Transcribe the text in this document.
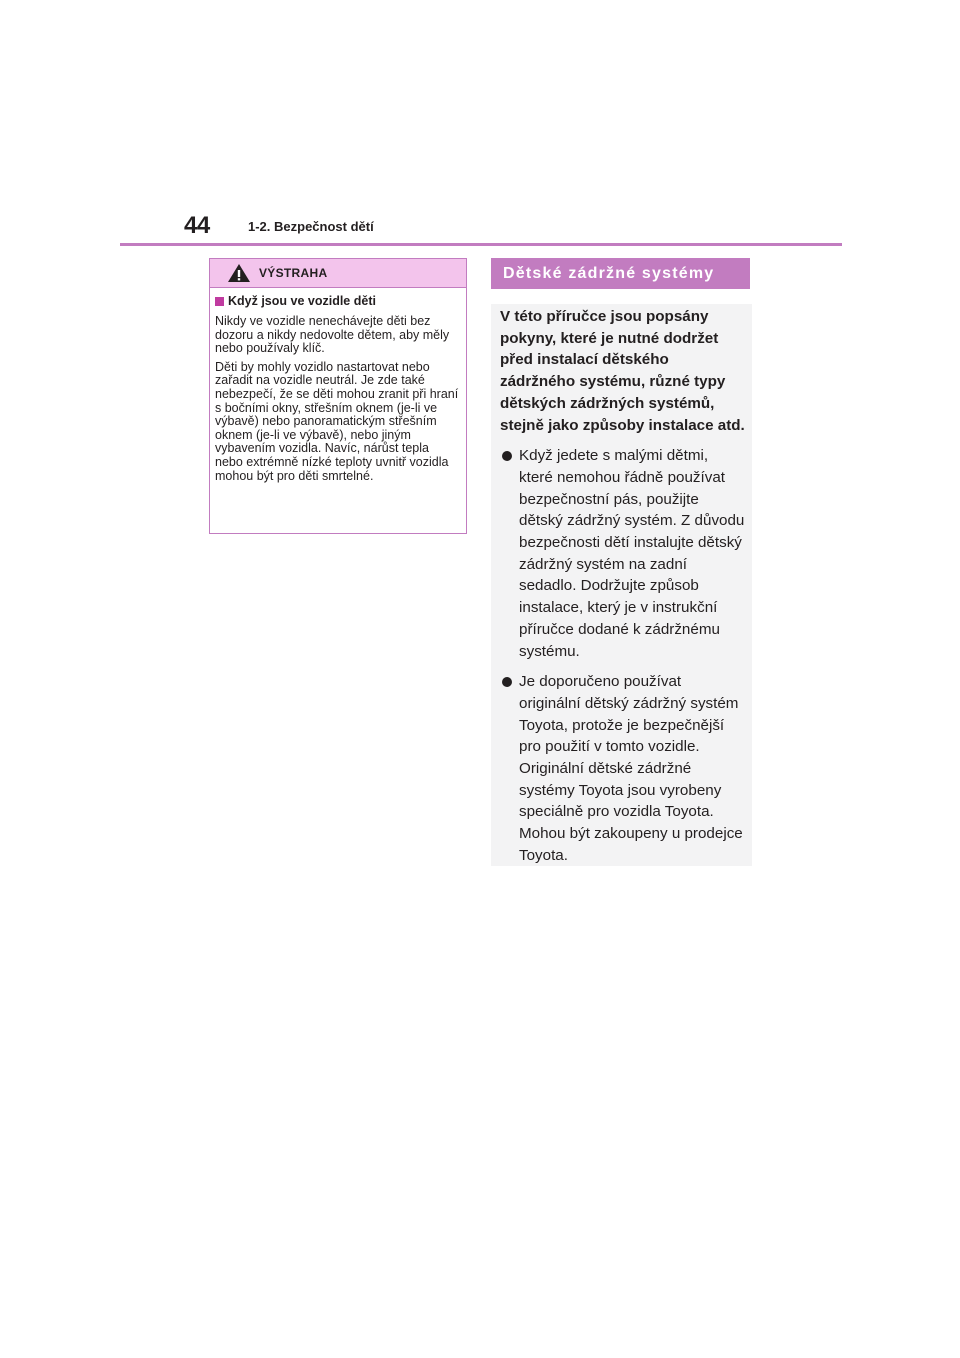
44	1-2. Bezpečnost dětí
VÝSTRAHA

Když jsou ve vozidle děti

Nikdy ve vozidle nenechávejte děti bez dozoru a nikdy nedovolte dětem, aby měly nebo používaly klíč.

Děti by mohly vozidlo nastartovat nebo zařadit na vozidle neutrál. Je zde také nebezpečí, že se děti mohou zranit při hraní s bočními okny, střešním oknem (je-li ve výbavě) nebo panoramatickým střešním oknem (je-li ve výbavě), nebo jiným vybavením vozidla. Navíc, nárůst tepla nebo extrémně nízké teploty uvnitř vozidla mohou být pro děti smrtelné.

Dětské zádržné systémy

V této příručce jsou popsány pokyny, které je nutné dodržet před instalací dětského zádržného systému, různé typy dětských zádržných systémů, stejně jako způsoby instalace atd.

Když jedete s malými dětmi, které nemohou řádně používat bezpečnostní pás, použijte dětský zádržný systém. Z důvodu bezpečnosti dětí instalujte dětský zádržný systém na zadní sedadlo. Dodržujte způsob instalace, který je v instrukční příručce dodané k zádržnému systému.
Je doporučeno používat originální dětský zádržný systém Toyota, protože je bezpečnější pro použití v tomto vozidle. Originální dětské zádržné systémy Toyota jsou vyrobeny speciálně pro vozidla Toyota. Mohou být zakoupeny u prodejce Toyota.
